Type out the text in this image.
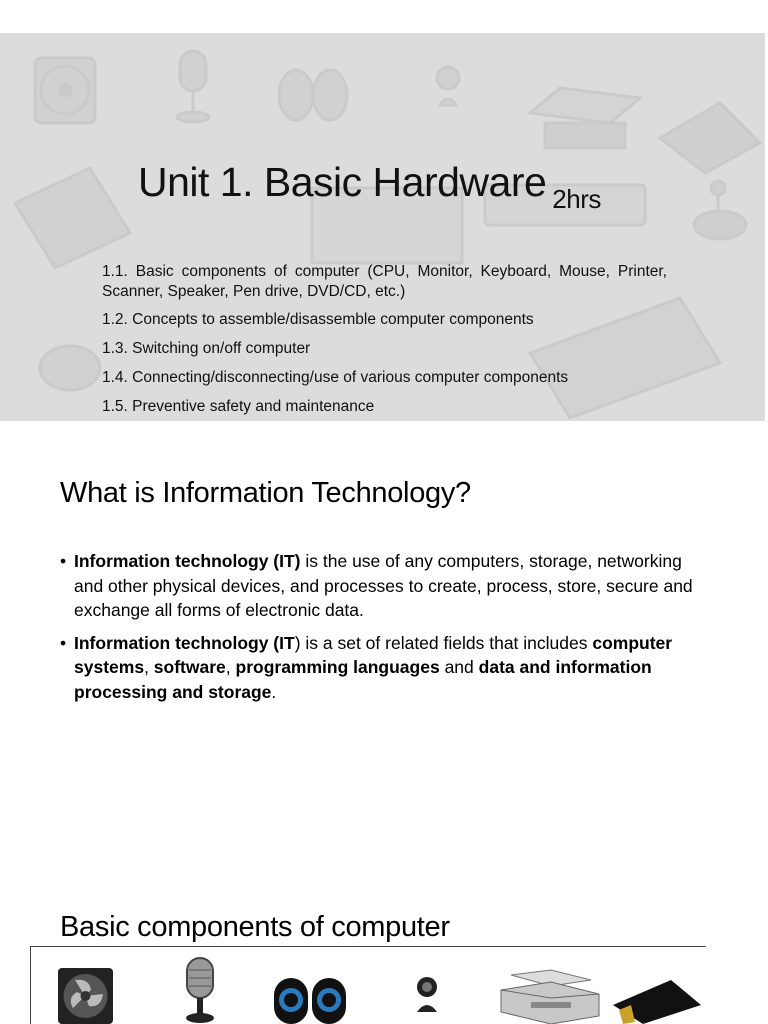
Unit 1. Basic Hardware $_{2hrs}$
1.1. Basic components of computer (CPU, Monitor, Keyboard, Mouse, Printer, Scanner, Speaker, Pen drive, DVD/CD, etc.)
1.2. Concepts to assemble/disassemble computer components
1.3. Switching on/off computer
1.4. Connecting/disconnecting/use of various computer components
1.5. Preventive safety and maintenance
What is Information Technology?
• Information technology (IT) is the use of any computers, storage, networking and other physical devices, and processes to create, process, store, secure and exchange all forms of electronic data.
• Information technology (IT) is a set of related fields that includes computer systems, software, programming languages and data and information processing and storage.
Basic components of computer
